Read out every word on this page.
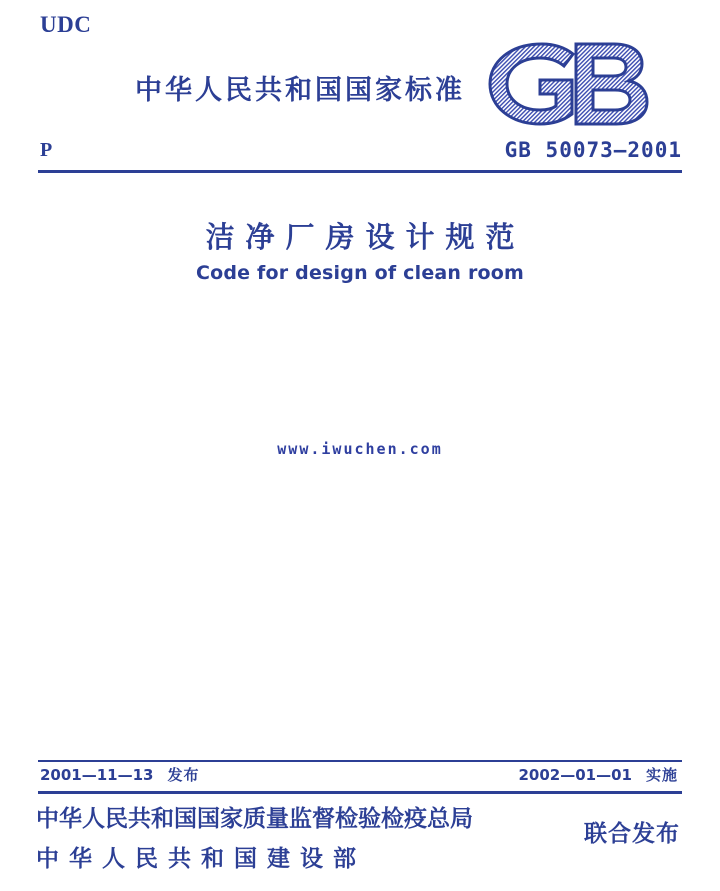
UDC
中华人民共和国国家标准
P	GB 50073—2001
洁净厂房设计规范
Code for design of clean room
www.iwuchen.com
2001—11—13 发布	2002—01—01 实施
中华人民共和国国家质量监督检验检疫总局
中华人民共和国建设部
联合发布
